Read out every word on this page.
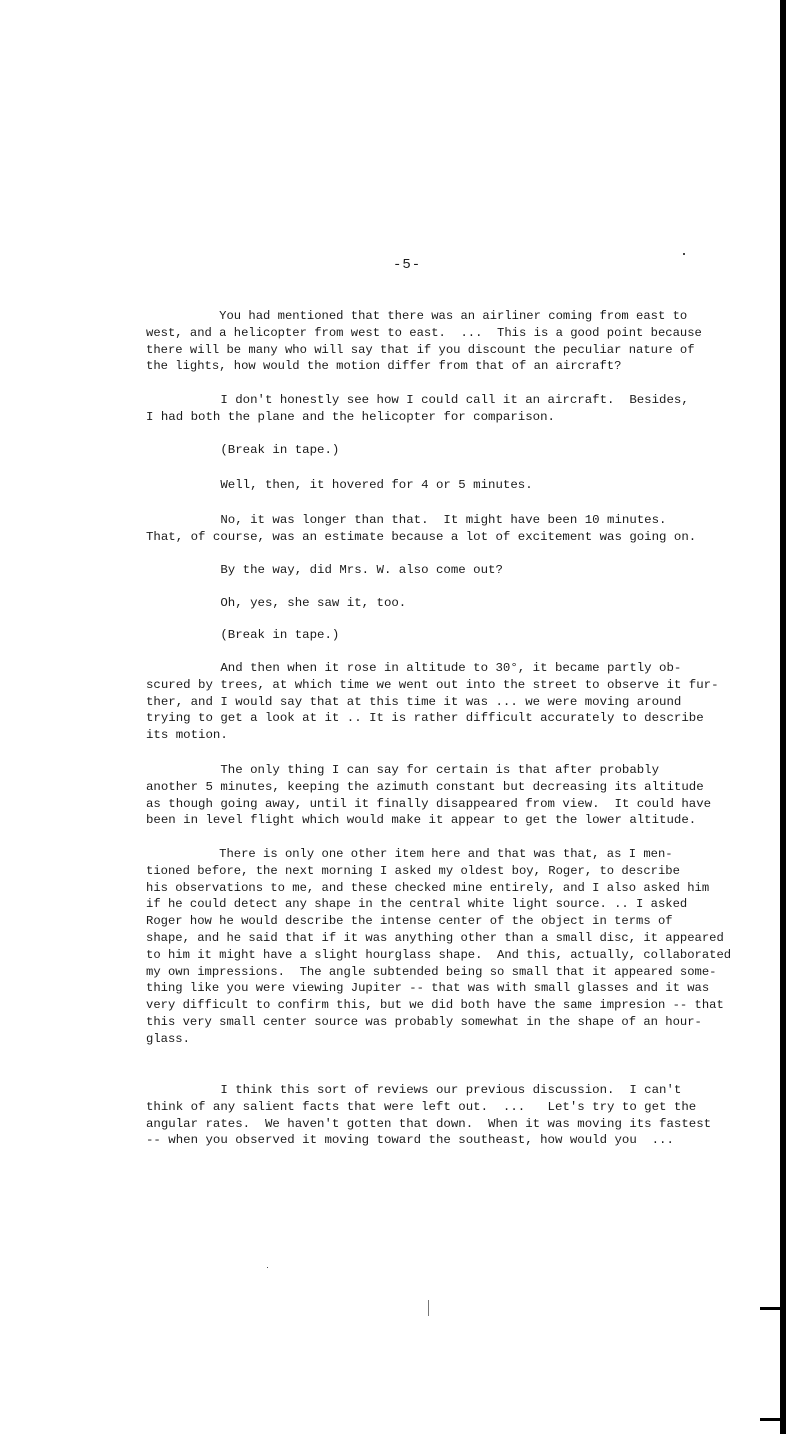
-5-

You had mentioned that there was an airliner coming from east to
west, and a helicopter from west to east.  ...  This is a good point because
there will be many who will say that if you discount the peculiar nature of
the lights, how would the motion differ from that of an aircraft?

I don't honestly see how I could call it an aircraft.  Besides,
I had both the plane and the helicopter for comparison.

(Break in tape.)

Well, then, it hovered for 4 or 5 minutes.

No, it was longer than that.  It might have been 10 minutes.
That, of course, was an estimate because a lot of excitement was going on.

By the way, did Mrs. W. also come out?

Oh, yes, she saw it, too.

(Break in tape.)

And then when it rose in altitude to 30°, it became partly ob-
scured by trees, at which time we went out into the street to observe it fur-
ther, and I would say that at this time it was ... we were moving around
trying to get a look at it .. It is rather difficult accurately to describe
its motion.

The only thing I can say for certain is that after probably
another 5 minutes, keeping the azimuth constant but decreasing its altitude
as though going away, until it finally disappeared from view.  It could have
been in level flight which would make it appear to get the lower altitude.

There is only one other item here and that was that, as I men-
tioned before, the next morning I asked my oldest boy, Roger, to describe
his observations to me, and these checked mine entirely, and I also asked him
if he could detect any shape in the central white light source. .. I asked
Roger how he would describe the intense center of the object in terms of
shape, and he said that if it was anything other than a small disc, it appeared
to him it might have a slight hourglass shape.  And this, actually, collaborated
my own impressions.  The angle subtended being so small that it appeared some-
thing like you were viewing Jupiter -- that was with small glasses and it was
very difficult to confirm this, but we did both have the same impresion -- that
this very small center source was probably somewhat in the shape of an hour-
glass.

I think this sort of reviews our previous discussion.  I can't
think of any salient facts that were left out.  ...   Let's try to get the
angular rates.  We haven't gotten that down.  When it was moving its fastest
-- when you observed it moving toward the southeast, how would you  ...
